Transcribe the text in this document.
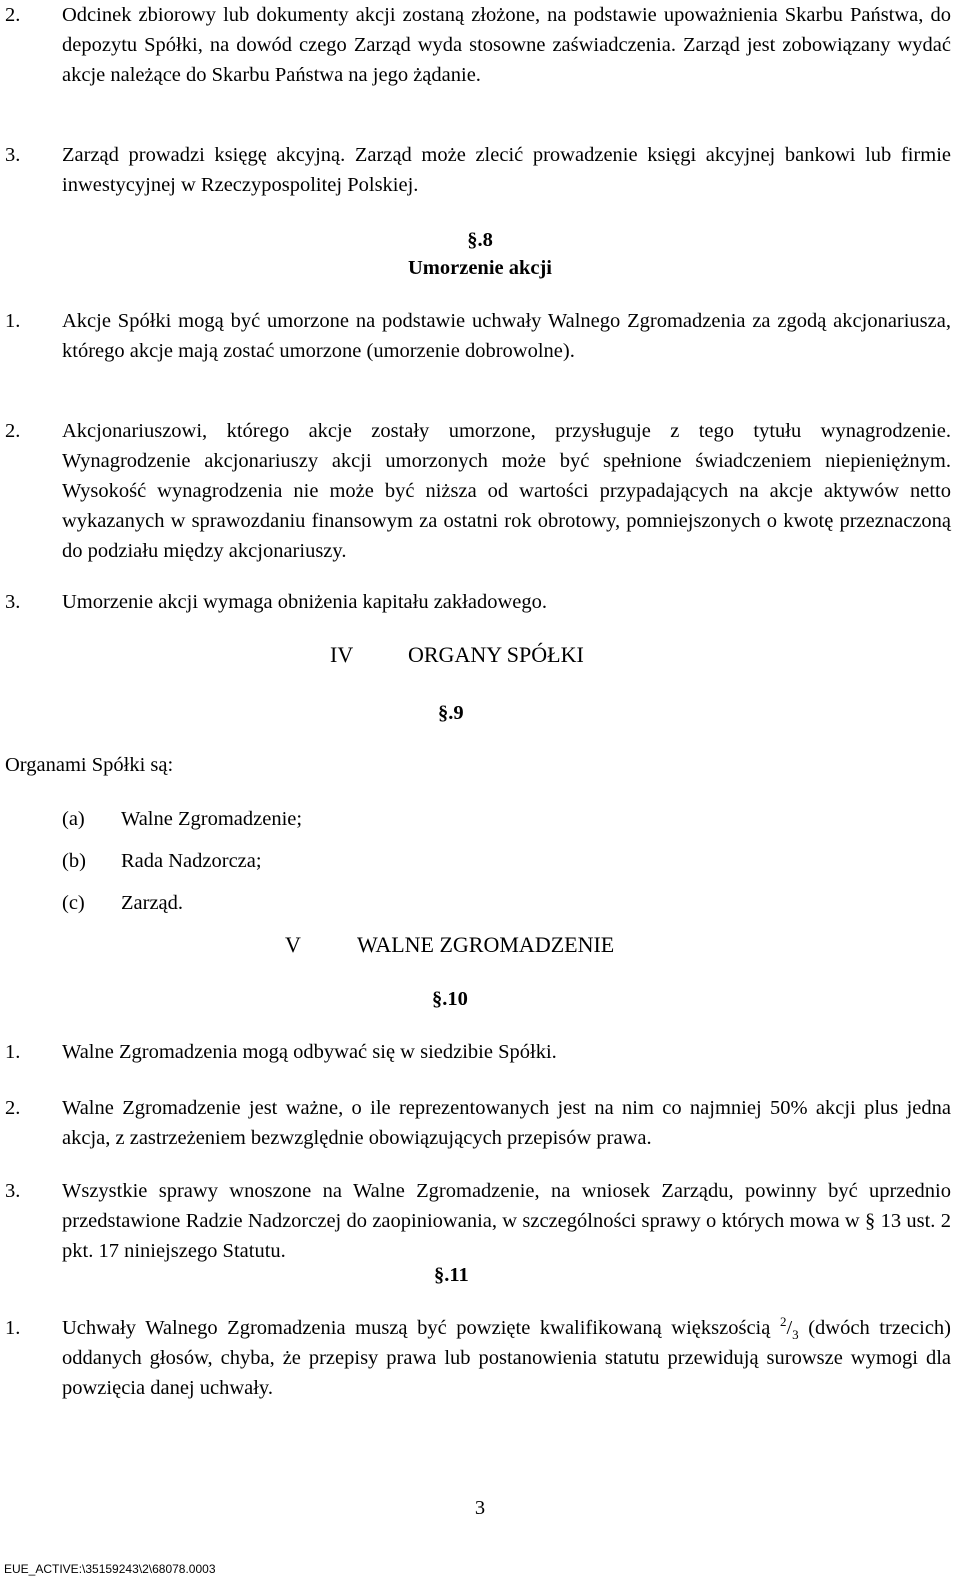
2. Odcinek zbiorowy lub dokumenty akcji zostaną złożone, na podstawie upoważnienia Skarbu Państwa, do depozytu Spółki, na dowód czego Zarząd wyda stosowne zaświadczenia. Zarząd jest zobowiązany wydać akcje należące do Skarbu Państwa na jego żądanie.
3. Zarząd prowadzi księgę akcyjną. Zarząd może zlecić prowadzenie księgi akcyjnej bankowi lub firmie inwestycyjnej w Rzeczypospolitej Polskiej.
§.8
Umorzenie akcji
1. Akcje Spółki mogą być umorzone na podstawie uchwały Walnego Zgromadzenia za zgodą akcjonariusza, którego akcje mają zostać umorzone (umorzenie dobrowolne).
2. Akcjonariuszowi, którego akcje zostały umorzone, przysługuje z tego tytułu wynagrodzenie. Wynagrodzenie akcjonariuszy akcji umorzonych może być spełnione świadczeniem niepieniężnym. Wysokość wynagrodzenia nie może być niższa od wartości przypadających na akcje aktywów netto wykazanych w sprawozdaniu finansowym za ostatni rok obrotowy, pomniejszonych o kwotę przeznaczoną do podziału między akcjonariuszy.
3. Umorzenie akcji wymaga obniżenia kapitału zakładowego.
IV ORGANY SPÓŁKI
§.9
Organami Spółki są:
(a) Walne Zgromadzenie;
(b) Rada Nadzorcza;
(c) Zarząd.
V	WALNE ZGROMADZENIE
§.10
1. Walne Zgromadzenia mogą odbywać się w siedzibie Spółki.
2. Walne Zgromadzenie jest ważne, o ile reprezentowanych jest na nim co najmniej 50% akcji plus jedna akcja, z zastrzeżeniem bezwzględnie obowiązujących przepisów prawa.
3. Wszystkie sprawy wnoszone na Walne Zgromadzenie, na wniosek Zarządu, powinny być uprzednio przedstawione Radzie Nadzorczej do zaopiniowania, w szczególności sprawy o których mowa w § 13 ust. 2 pkt. 17 niniejszego Statutu.
§.11
1. Uchwały Walnego Zgromadzenia muszą być powzięte kwalifikowaną większością $^2/_3$ (dwóch trzecich) oddanych głosów, chyba, że przepisy prawa lub postanowienia statutu przewidują surowsze wymogi dla powzięcia danej uchwały.
3
EUE_ACTIVE:\35159243\2\68078.0003
